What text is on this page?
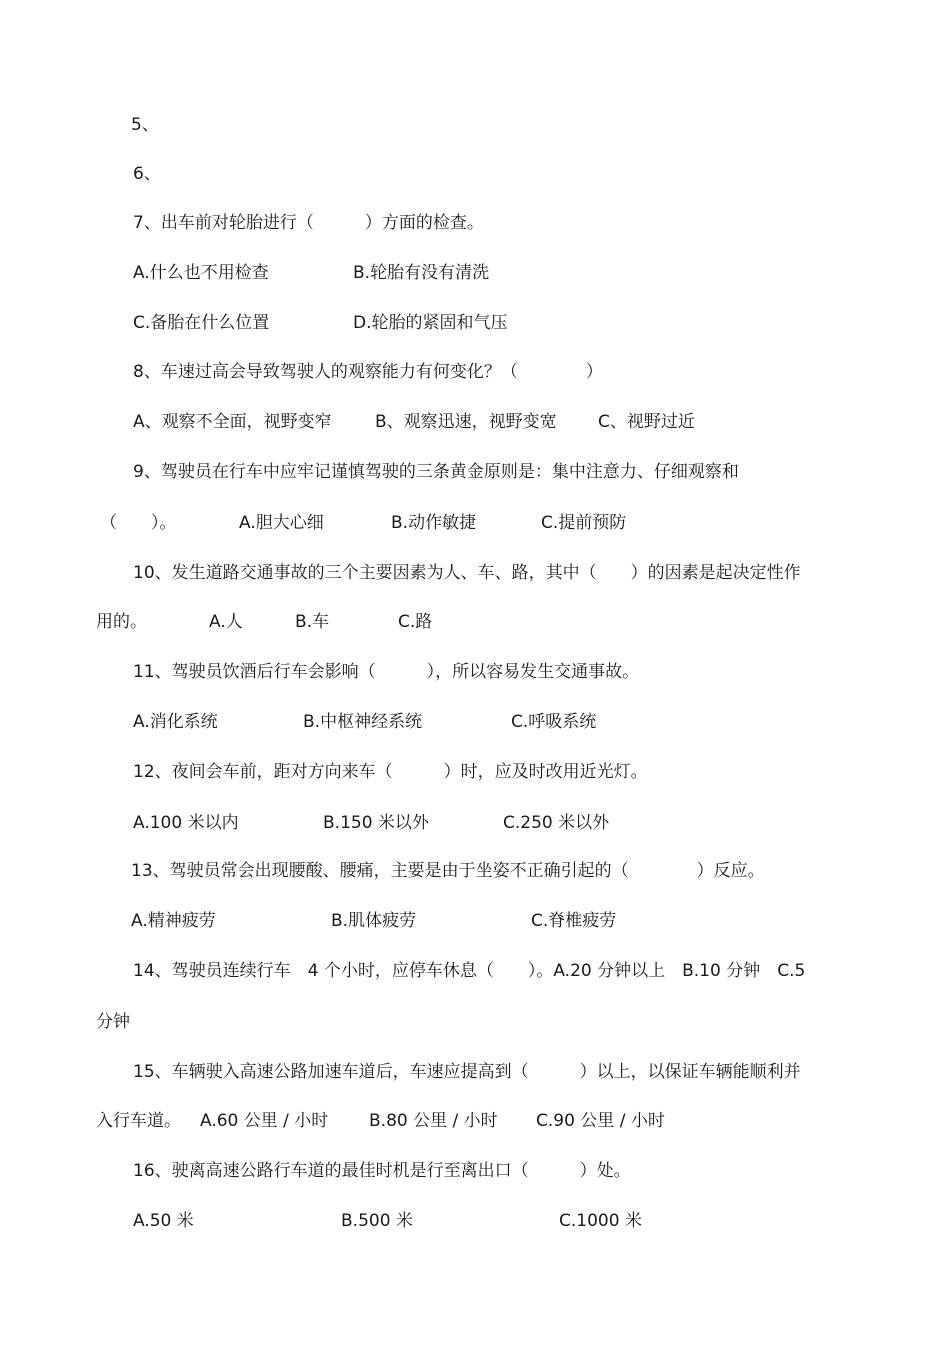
5、
6、
7、出车前对轮胎进行（　　　）方面的检查。
A.什么也不用检查	B.轮胎有没有清洗
C.备胎在什么位置	D.轮胎的紧固和气压
8、车速过高会导致驾驶人的观察能力有何变化？（　　　　）
A、观察不全面，视野变窄	B、观察迅速，视野变宽 C、视野过近
9、驾驶员在行车中应牢记谨慎驾驶的三条黄金原则是：集中注意力、仔细观察和
（　　）。	A.胆大心细	B.动作敏捷	C.提前预防
10、发生道路交通事故的三个主要因素为人、车、路，其中（　　）的因素是起决定性作
用的。	A.人	B.车	C.路
11、驾驶员饮酒后行车会影响（　　　），所以容易发生交通事故。
A.消化系统	B.中枢神经系统	C.呼吸系统
12、夜间会车前，距对方向来车（　　　）时，应及时改用近光灯。
A.100 米以内	B.150 米以外	C.250 米以外
13、驾驶员常会出现腰酸、腰痛，主要是由于坐姿不正确引起的（　　　　）反应。
A.精神疲劳	B.肌体疲劳	C.脊椎疲劳
14、驾驶员连续行车　4 个小时，应停车休息（　　）。A.20 分钟以上　B.10 分钟　C.5
分钟
15、车辆驶入高速公路加速车道后，车速应提高到（　　　）以上，以保证车辆能顺利并
入行车道。 A.60 公里 / 小时 B.80 公里 / 小时 C.90 公里 / 小时
16、驶离高速公路行车道的最佳时机是行至离出口（　　　）处。
A.50 米	B.500 米	C.1000 米
